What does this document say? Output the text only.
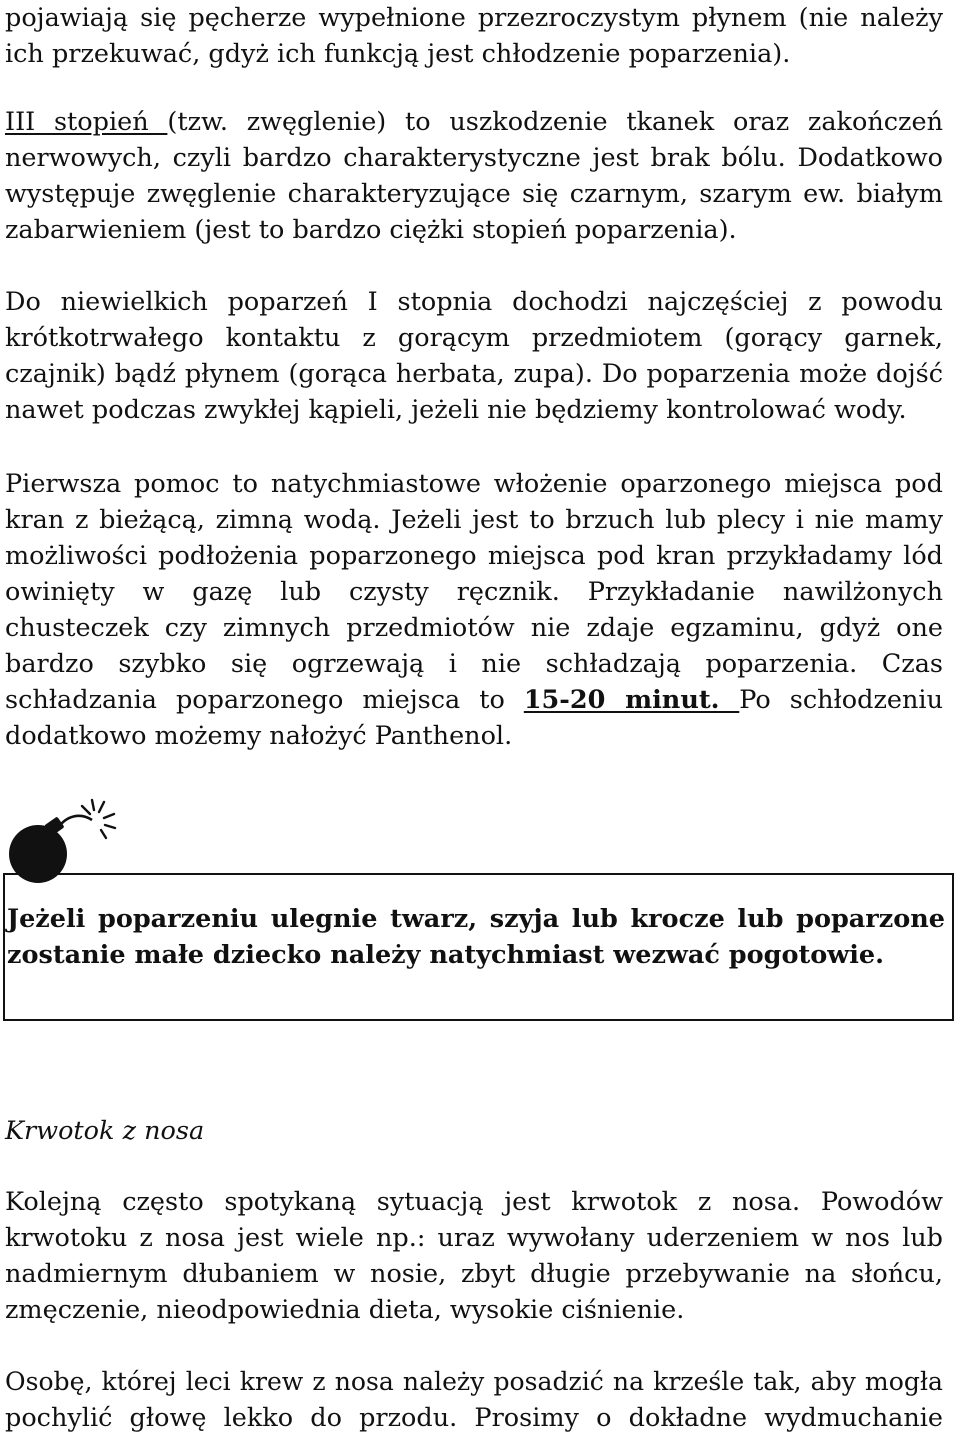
pojawiają się pęcherze wypełnione przezroczystym płynem (nie należy
ich przekuwać, gdyż ich funkcją jest chłodzenie poparzenia).

III stopień (tzw. zwęglenie) to uszkodzenie tkanek oraz zakończeń
nerwowych, czyli bardzo charakterystyczne jest brak bólu. Dodatkowo
występuje zwęglenie charakteryzujące się czarnym, szarym ew. białym
zabarwieniem (jest to bardzo ciężki stopień poparzenia).

Do niewielkich poparzeń I stopnia dochodzi najczęściej z powodu
krótkotrwałego kontaktu z gorącym przedmiotem (gorący garnek,
czajnik) bądź płynem (gorąca herbata, zupa). Do poparzenia może dojść
nawet podczas zwykłej kąpieli, jeżeli nie będziemy kontrolować wody.

Pierwsza pomoc to natychmiastowe włożenie oparzonego miejsca pod
kran z bieżącą, zimną wodą. Jeżeli jest to brzuch lub plecy i nie mamy
możliwości podłożenia poparzonego miejsca pod kran przykładamy lód
owinięty w gazę lub czysty ręcznik. Przykładanie nawilżonych
chusteczek czy zimnych przedmiotów nie zdaje egzaminu, gdyż one
bardzo szybko się ogrzewają i nie schładzają poparzenia. Czas
schładzania poparzonego miejsca to 15-20 minut. Po schłodzeniu
dodatkowo możemy nałożyć Panthenol.

Jeżeli poparzeniu ulegnie twarz, szyja lub krocze lub poparzone
zostanie małe dziecko należy natychmiast wezwać pogotowie.

Krwotok z nosa

Kolejną często spotykaną sytuacją jest krwotok z nosa. Powodów
krwotoku z nosa jest wiele np.: uraz wywołany uderzeniem w nos lub
nadmiernym dłubaniem w nosie, zbyt długie przebywanie na słońcu,
zmęczenie, nieodpowiednia dieta, wysokie ciśnienie.

Osobę, której leci krew z nosa należy posadzić na krześle tak, aby mogła
pochylić głowę lekko do przodu. Prosimy o dokładne wydmuchanie
